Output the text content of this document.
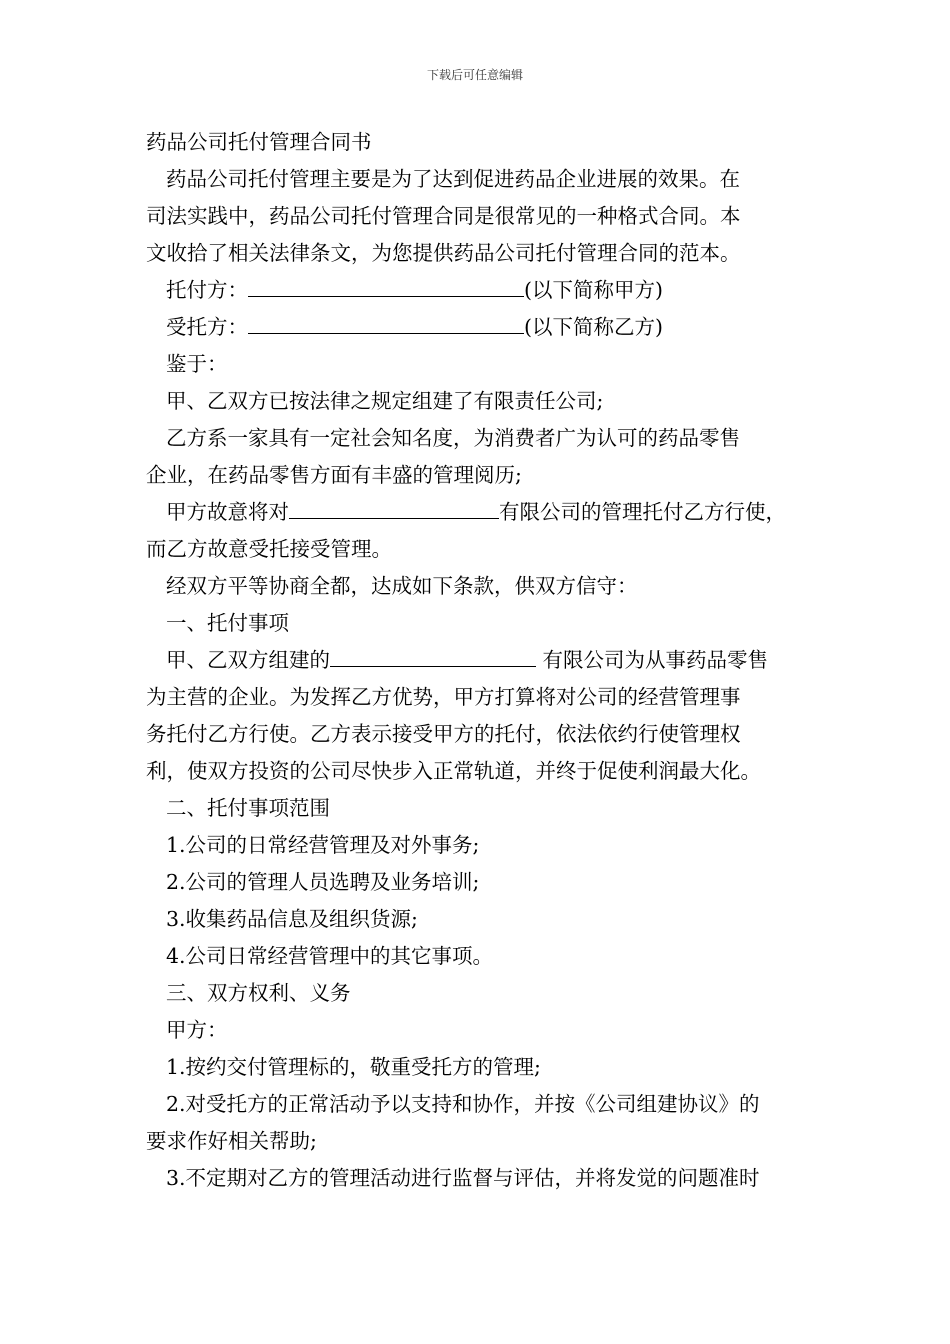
下载后可任意编辑
药品公司托付管理合同书
药品公司托付管理主要是为了达到促进药品企业进展的效果。在
司法实践中，药品公司托付管理合同是很常见的一种格式合同。本
文收拾了相关法律条文，为您提供药品公司托付管理合同的范本。
托付方：	(以下简称甲方)
受托方：	(以下简称乙方)
鉴于：
甲、乙双方已按法律之规定组建了有限责任公司;
乙方系一家具有一定社会知名度，为消费者广为认可的药品零售
企业，在药品零售方面有丰盛的管理阅历;
甲方故意将对	有限公司的管理托付乙方行使，
而乙方故意受托接受管理。
经双方平等协商全都，达成如下条款，供双方信守：
一、托付事项
甲、乙双方组建的	有限公司为从事药品零售
为主营的企业。为发挥乙方优势，甲方打算将对公司的经营管理事
务托付乙方行使。乙方表示接受甲方的托付，依法依约行使管理权
利，使双方投资的公司尽快步入正常轨道，并终于促使利润最大化。
二、托付事项范围
1.公司的日常经营管理及对外事务;
2.公司的管理人员选聘及业务培训;
3.收集药品信息及组织货源;
4.公司日常经营管理中的其它事项。
三、双方权利、义务
甲方：
1.按约交付管理标的，敬重受托方的管理;
2.对受托方的正常活动予以支持和协作，并按《公司组建协议》的
要求作好相关帮助;
3.不定期对乙方的管理活动进行监督与评估，并将发觉的问题准时
